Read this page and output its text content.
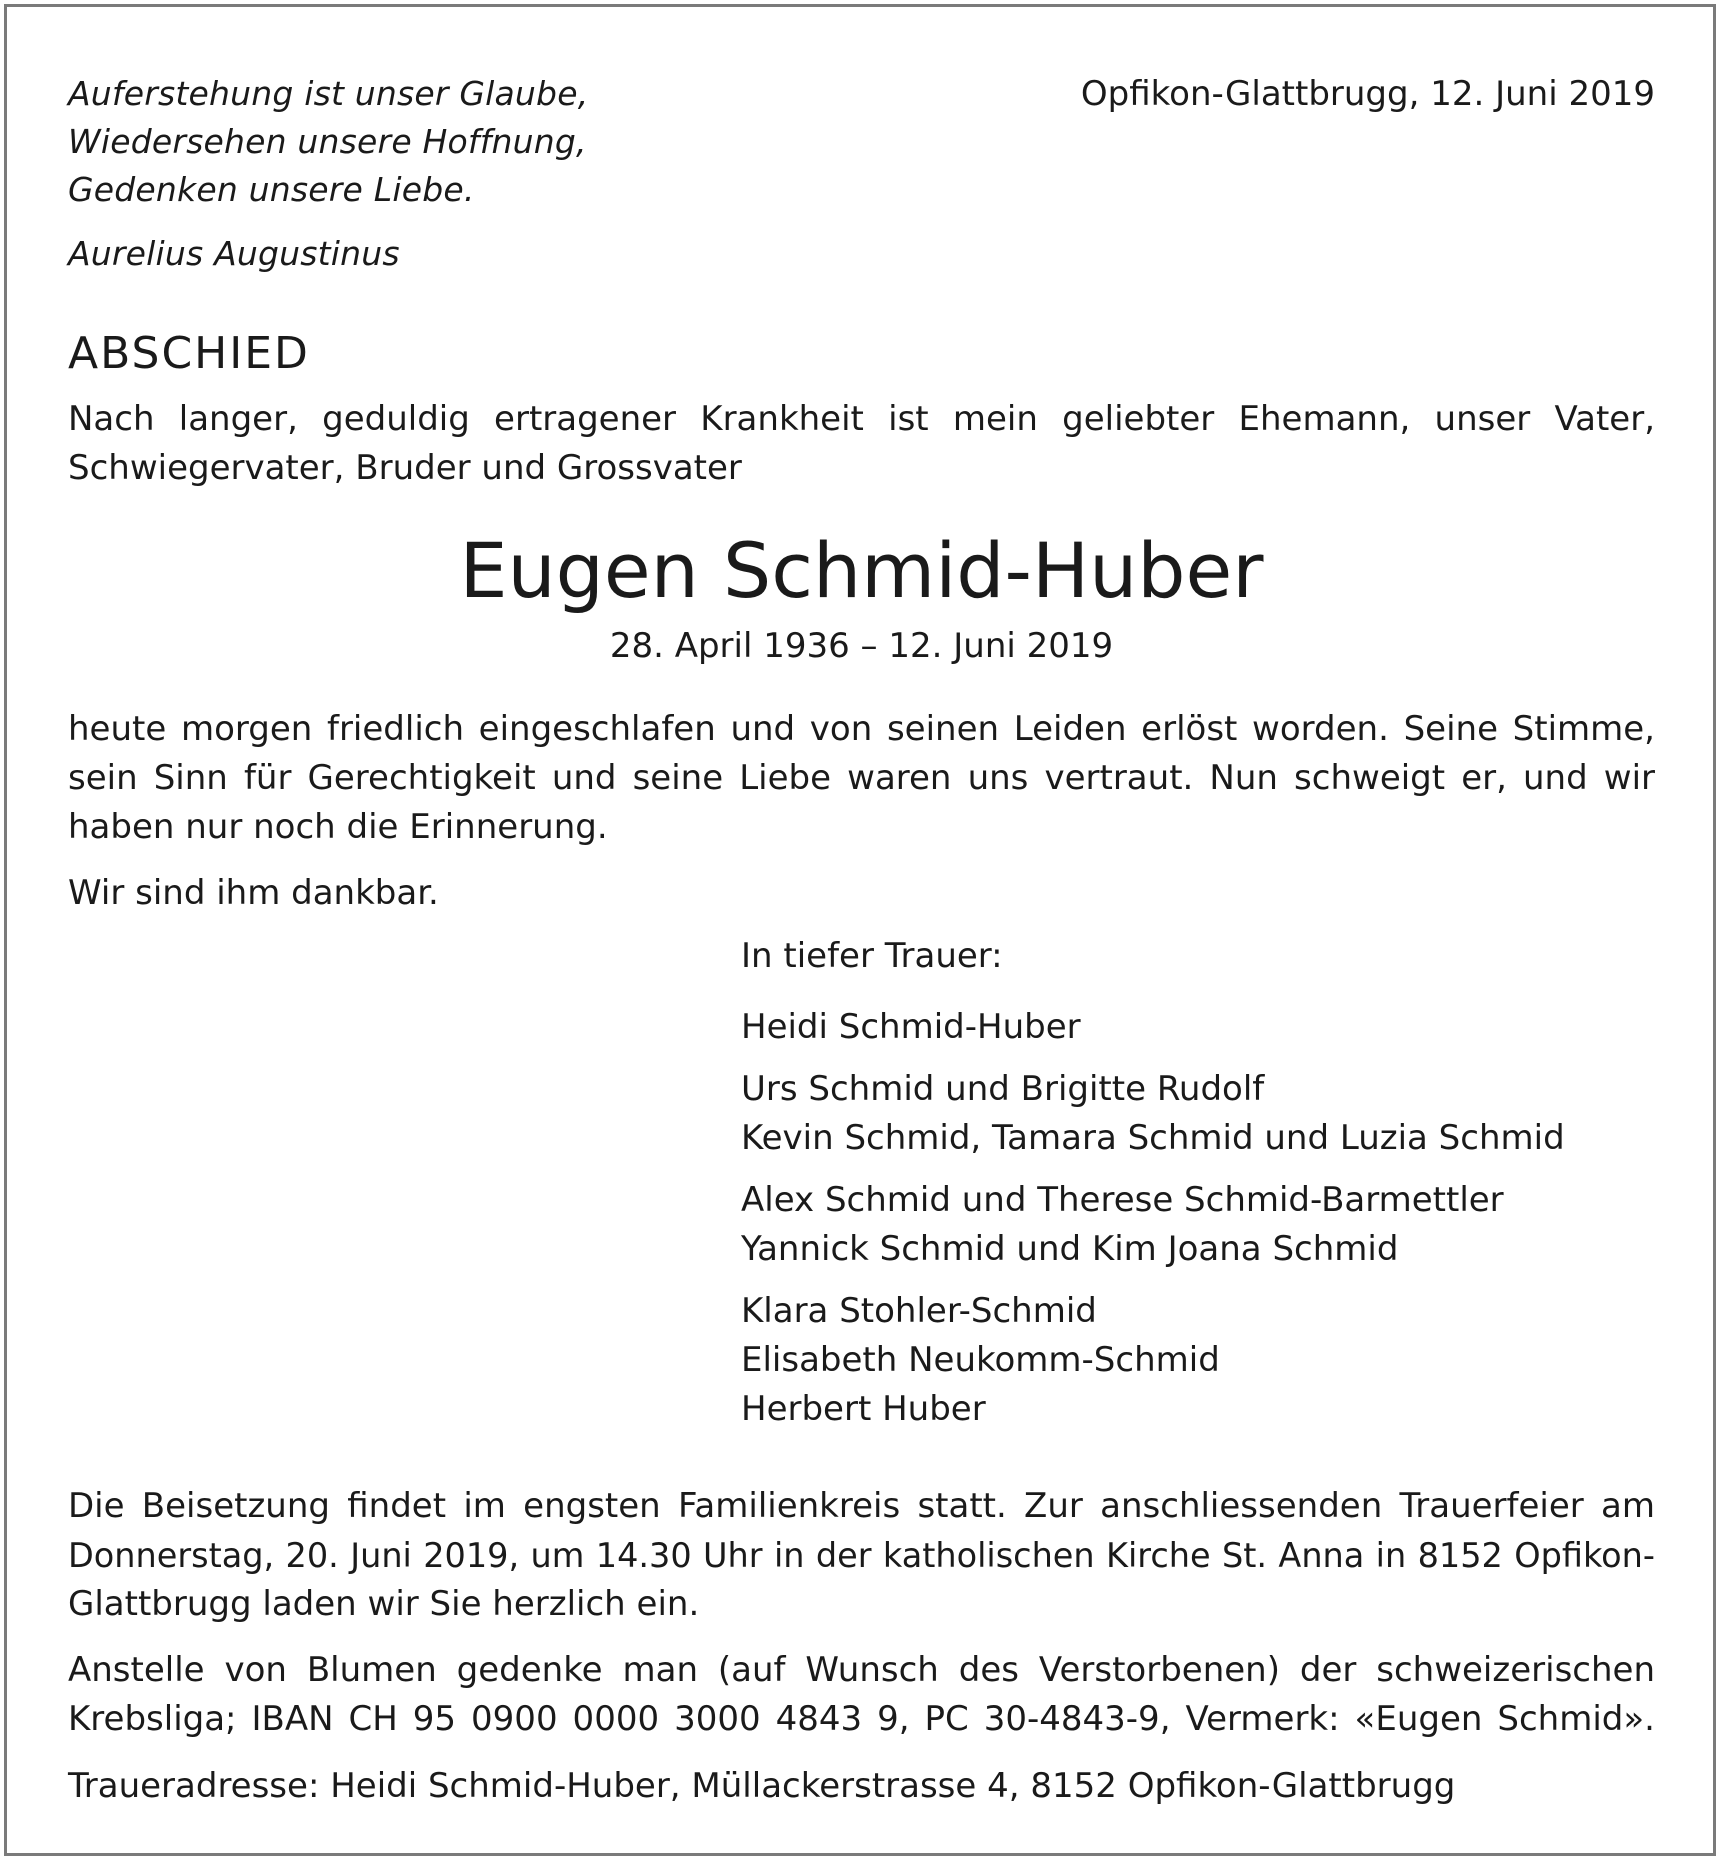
Auferstehung ist unser Glaube,
Wiedersehen unsere Hoffnung,
Gedenken unsere Liebe.
Aurelius Augustinus
Opfikon-Glattbrugg, 12. Juni 2019
ABSCHIED
Nach langer, geduldig ertragener Krankheit ist mein geliebter Ehemann, unser Vater,
Schwiegervater, Bruder und Grossvater
Eugen Schmid-Huber
28. April 1936 – 12. Juni 2019
heute morgen friedlich eingeschlafen und von seinen Leiden erlöst worden. Seine Stimme,
sein Sinn für Gerechtigkeit und seine Liebe waren uns vertraut. Nun schweigt er, und wir
haben nur noch die Erinnerung.
Wir sind ihm dankbar.
In tiefer Trauer:
Heidi Schmid-Huber
Urs Schmid und Brigitte Rudolf
Kevin Schmid, Tamara Schmid und Luzia Schmid
Alex Schmid und Therese Schmid-Barmettler
Yannick Schmid und Kim Joana Schmid
Klara Stohler-Schmid
Elisabeth Neukomm-Schmid
Herbert Huber
Die Beisetzung findet im engsten Familienkreis statt. Zur anschliessenden Trauerfeier am
Donnerstag, 20. Juni 2019, um 14.30 Uhr in der katholischen Kirche St. Anna in 8152 Opfikon-
Glattbrugg laden wir Sie herzlich ein.
Anstelle von Blumen gedenke man (auf Wunsch des Verstorbenen) der schweizerischen
Krebsliga; IBAN CH 95 0900 0000 3000 4843 9, PC 30-4843-9, Vermerk: «Eugen Schmid».
Traueradresse: Heidi Schmid-Huber, Müllackerstrasse 4, 8152 Opfikon-Glattbrugg
